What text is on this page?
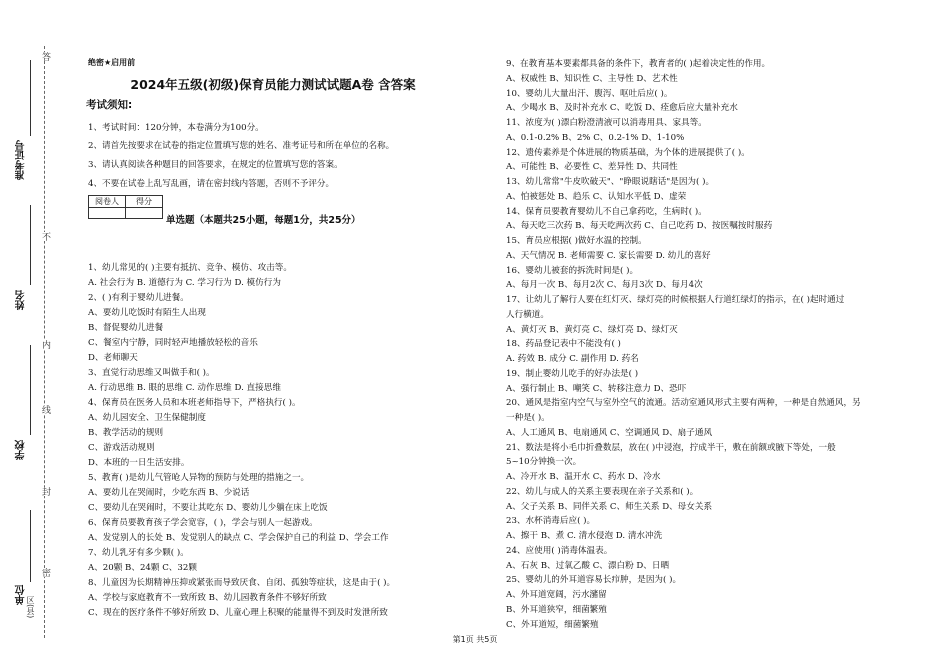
答
不
内
线
封
密
准考证号
姓名
学校
单位
区(县)
绝密★启用前
2024年五级(初级)保育员能力测试试题A卷 含答案
考试须知:
1、考试时间：120分钟，本卷满分为100分。
2、请首先按要求在试卷的指定位置填写您的姓名、准考证号和所在单位的名称。
3、请认真阅读各种题目的回答要求，在规定的位置填写您的答案。
4、不要在试卷上乱写乱画，请在密封线内答题，否则不予评分。
阅卷人	得分

单选题（本题共25小题，每题1分，共25分）
1、幼儿常见的( )主要有抵抗、竞争、模仿、攻击等。
A. 社会行为 B. 道德行为 C. 学习行为 D. 模仿行为
2、( )有利于婴幼儿进餐。
A、要幼儿吃饭时有陌生人出现
B、督促婴幼儿进餐
C、餐室内宁静，同时轻声地播放轻松的音乐
D、老师聊天
3、直觉行动思维又叫做手和( )。
A. 行动思维 B. 眼的思维 C. 动作思维 D. 直接思维
4、保育员在医务人员和本班老师指导下，严格执行( )。
A、幼儿园安全、卫生保健制度
B、教学活动的规则
C、游戏活动规则
D、本班的一日生活安排。
5、教育( )是幼儿气管呛人异物的预防与处理的措施之一。
A、要幼儿在哭闹时，少吃东西 B、少说话
C、要幼儿在哭闹时，不要让其吃东 D、婴幼儿少躺在床上吃饭
6、保育员要教育孩子学会宽容，( )，学会与别人一起游戏。
A、发觉别人的长处 B、发觉别人的缺点 C、学会保护自己的利益 D、学会工作
7、幼儿乳牙有多少颗( )。
A、20颗 B、24颗 C、32颗
8、儿童因为长期精神压抑或紧张而导致厌食、自闭、孤独等症状，这是由于( )。
A、学校与家庭教育不一致所致 B、幼儿园教育条件不够好所致
C、现在的医疗条件不够好所致 D、儿童心理上积聚的能量得不到及时发泄所致
9、在教育基本要素都具备的条件下，教育者的( )起着决定性的作用。
A、权威性 B、知识性 C、主导性 D、艺术性
10、婴幼儿大量出汗、腹泻、呕吐后应( )。
A、少喝水 B、及时补充水 C、吃饭 D、痊愈后应大量补充水
11、浓度为( )漂白粉澄清液可以消毒用具、家具等。
A、0.1-0.2% B、2% C、0.2-1% D、1-10%
12、遗传素养是个体进展的物质基础，为个体的进展提供了( )。
A、可能性 B、必要性 C、差异性 D、共同性
13、幼儿常常"牛皮吹破天"、"睁眼说瞎话"是因为( )。
A、怕被惩处 B、趋乐 C、认知水平低 D、虚荣
14、保育员要教育婴幼儿不自己拿药吃，生病时( )。
A、每天吃三次药 B、每天吃两次药 C、自己吃药 D、按医嘱按时服药
15、育员应根据( )做好水温的控制。
A、天气情况 B. 老师需要 C. 家长需要 D. 幼儿的喜好
16、婴幼儿被套的拆洗时间是( )。
A、每月一次 B、每月2次 C、每月3次 D、每月4次
17、让幼儿了解行人要在红灯灭、绿灯亮的时候根据人行道红绿灯的指示，在( )起时通过
人行横道。
A、黄灯灭 B、黄灯亮 C、绿灯亮 D、绿灯灭
18、药品登记表中不能没有( )
A. 药效 B. 成分 C. 副作用 D. 药名
19、制止婴幼儿吃手的好办法是( )
A、强行制止 B、嘲笑 C、转移注意力 D、恐吓
20、通风是指室内空气与室外空气的流通。活动室通风形式主要有两种，一种是自然通风，另
一种是( )。
A、人工通风 B、电扇通风 C、空调通风 D、扇子通风
21、数法是将小毛巾折叠数层，放在( )中浸泡，拧成半干，敷在前额或腋下等处，一般
5~10分钟换一次。
A、冷开水 B、温开水 C、药水 D、冷水
22、幼儿与成人的关系主要表现在亲子关系和( )。
A、父子关系 B、同伴关系 C、师生关系 D、母女关系
23、水杯消毒后应( )。
A、擦干 B、煮 C. 清水侵泡 D. 清水冲洗
24、应使用( )消毒体温表。
A、石灰 B、过氧乙酸 C、漂白粉 D、日晒
25、婴幼儿的外耳道容易长疖肿，是因为( )。
A、外耳道宽阔，污水瀦留
B、外耳道狭窄，细菌繁殖
C、外耳道短，细菌繁殖
第1页 共5页
